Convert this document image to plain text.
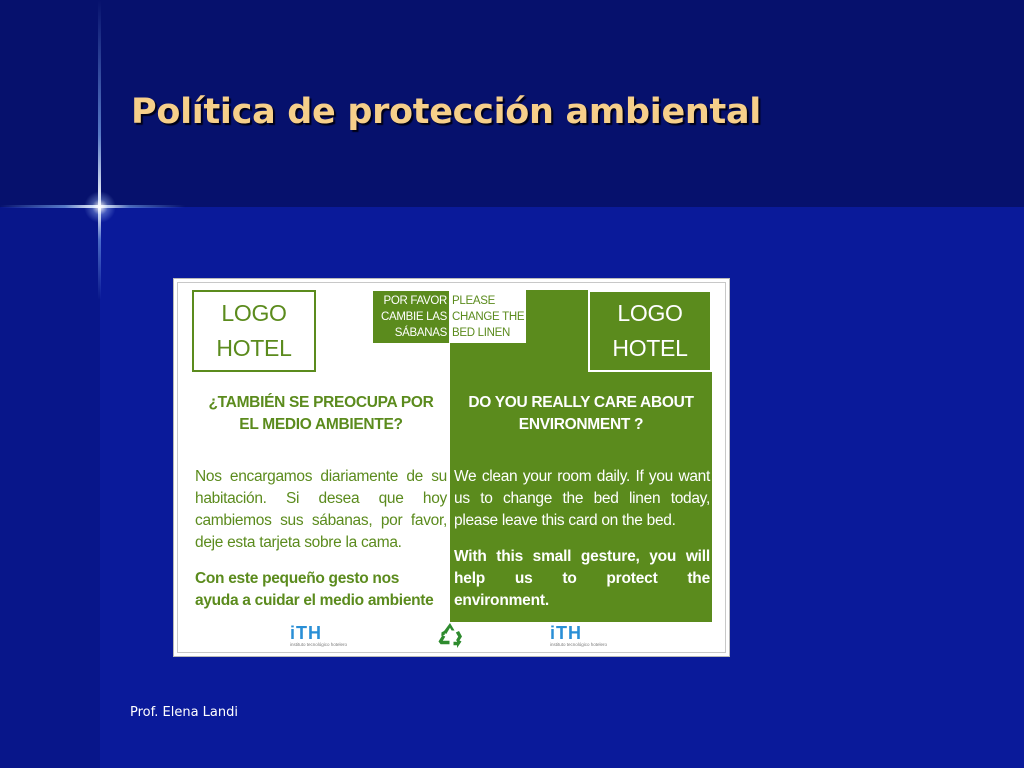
Política de protección ambiental
LOGO
HOTEL
LOGO
HOTEL
POR FAVOR
CAMBIE LAS
SÁBANAS
PLEASE
CHANGE THE
BED LINEN
¿TAMBIÉN SE PREOCUPA POR
EL MEDIO AMBIENTE?
DO YOU REALLY CARE ABOUT
ENVIRONMENT ?
Nos encargamos diariamente de su
habitación. Si desea que hoy
cambiemos sus sábanas, por favor,
deje esta tarjeta sobre la cama.
We clean your room daily. If you want
us to change the bed linen today,
please leave this card on the bed.
Con este pequeño gesto nos
ayuda a cuidar el medio ambiente
With this small gesture, you will
help us to protect the
environment.
iTH
instituto tecnológico hotelero
iTH
instituto tecnológico hotelero
Prof. Elena Landi
